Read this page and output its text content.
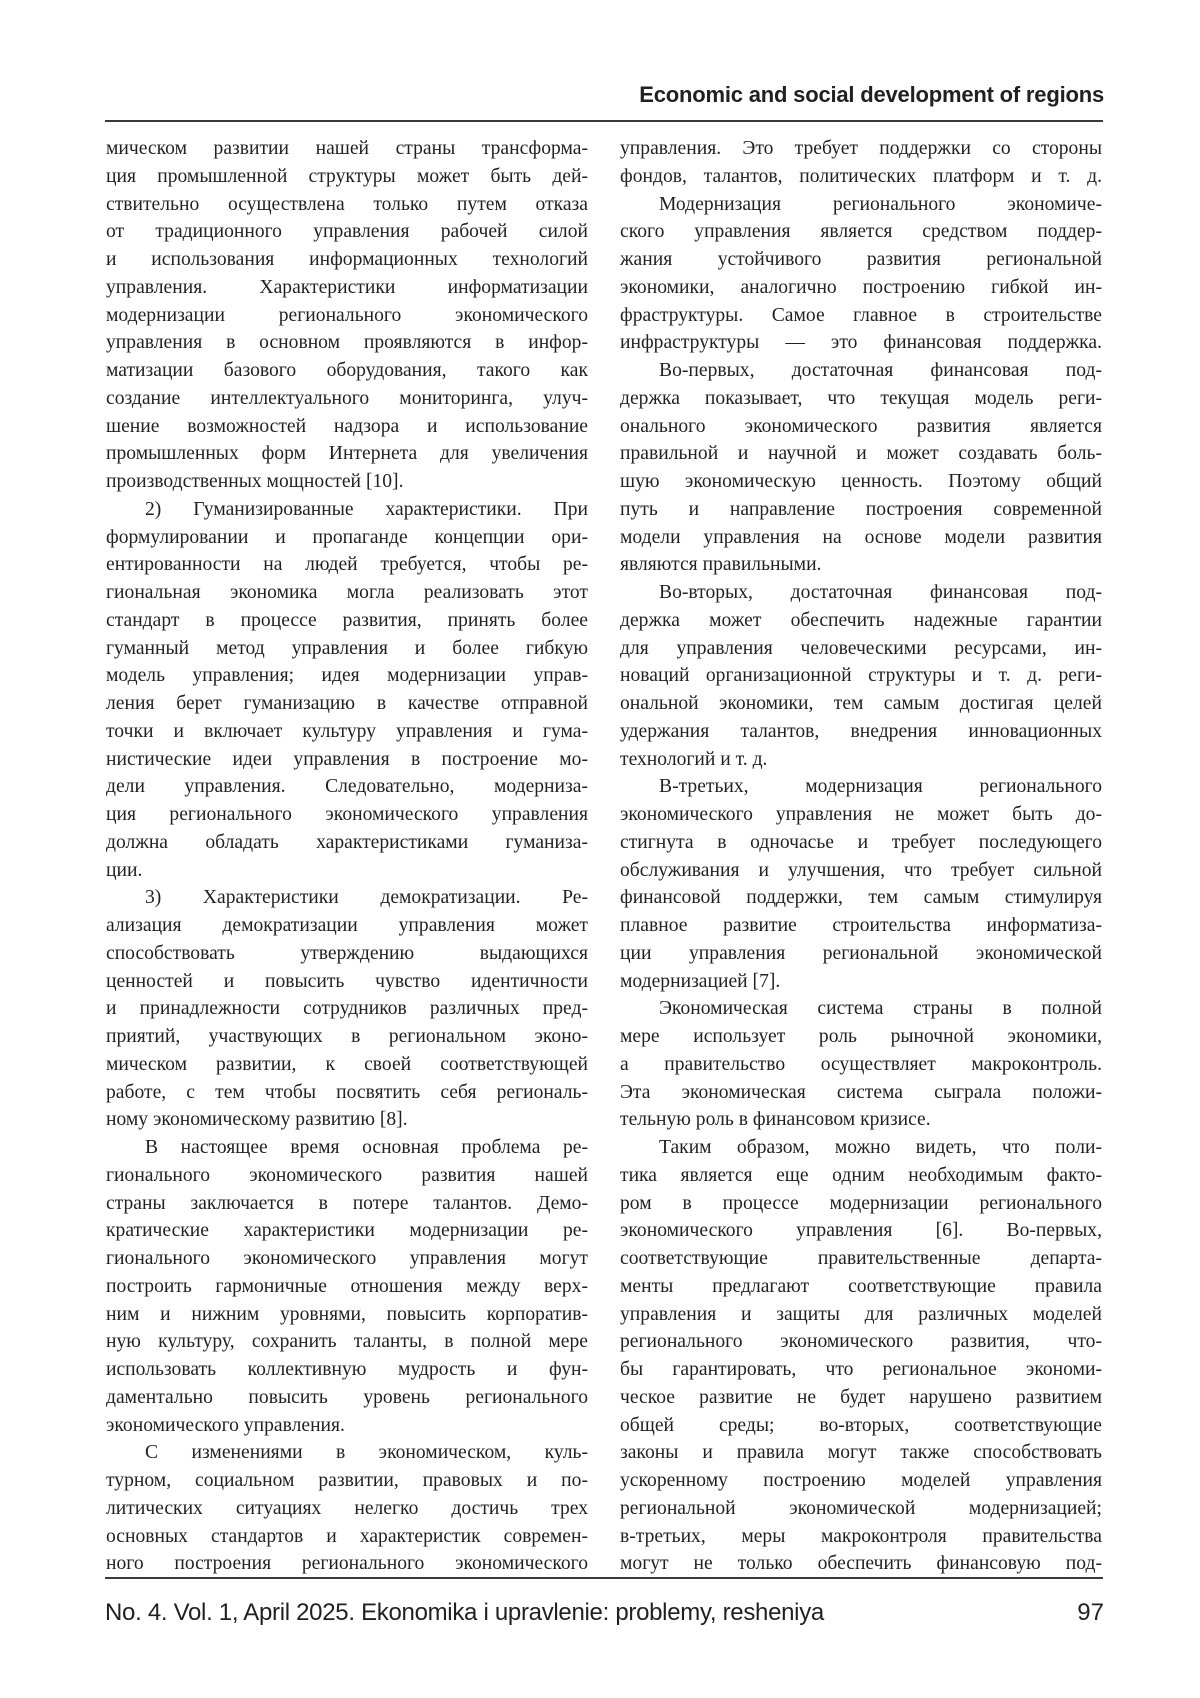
Economic and social development of regions
мическом развитии нашей страны трансформа-
ция промышленной структуры может быть дей-
ствительно осуществлена только путем отказа
от традиционного управления рабочей силой
и использования информационных технологий
управления. Характеристики информатизации
модернизации регионального экономического
управления в основном проявляются в инфор-
матизации базового оборудования, такого как
создание интеллектуального мониторинга, улуч-
шение возможностей надзора и использование
промышленных форм Интернета для увеличения
производственных мощностей [10].
2) Гуманизированные характеристики. При
формулировании и пропаганде концепции ори-
ентированности на людей требуется, чтобы ре-
гиональная экономика могла реализовать этот
стандарт в процессе развития, принять более
гуманный метод управления и более гибкую
модель управления; идея модернизации управ-
ления берет гуманизацию в качестве отправной
точки и включает культуру управления и гума-
нистические идеи управления в построение мо-
дели управления. Следовательно, модерниза-
ция регионального экономического управления
должна обладать характеристиками гуманиза-
ции.
3) Характеристики демократизации. Ре-
ализация демократизации управления может
способствовать утверждению выдающихся
ценностей и повысить чувство идентичности
и принадлежности сотрудников различных пред-
приятий, участвующих в региональном эконо-
мическом развитии, к своей соответствующей
работе, с тем чтобы посвятить себя региональ-
ному экономическому развитию [8].
В настоящее время основная проблема ре-
гионального экономического развития нашей
страны заключается в потере талантов. Демо-
кратические характеристики модернизации ре-
гионального экономического управления могут
построить гармоничные отношения между верх-
ним и нижним уровнями, повысить корпоратив-
ную культуру, сохранить таланты, в полной мере
использовать коллективную мудрость и фун-
даментально повысить уровень регионального
экономического управления.
С изменениями в экономическом, куль-
турном, социальном развитии, правовых и по-
литических ситуациях нелегко достичь трех
основных стандартов и характеристик современ-
ного построения регионального экономического
управления. Это требует поддержки со стороны
фондов, талантов, политических платформ и т. д.
Модернизация регионального экономиче-
ского управления является средством поддер-
жания устойчивого развития региональной
экономики, аналогично построению гибкой ин-
фраструктуры. Самое главное в строительстве
инфраструктуры — это финансовая поддержка.
Во-первых, достаточная финансовая под-
держка показывает, что текущая модель реги-
онального экономического развития является
правильной и научной и может создавать боль-
шую экономическую ценность. Поэтому общий
путь и направление построения современной
модели управления на основе модели развития
являются правильными.
Во-вторых, достаточная финансовая под-
держка может обеспечить надежные гарантии
для управления человеческими ресурсами, ин-
новаций организационной структуры и т. д. реги-
ональной экономики, тем самым достигая целей
удержания талантов, внедрения инновационных
технологий и т. д.
В-третьих, модернизация регионального
экономического управления не может быть до-
стигнута в одночасье и требует последующего
обслуживания и улучшения, что требует сильной
финансовой поддержки, тем самым стимулируя
плавное развитие строительства информатиза-
ции управления региональной экономической
модернизацией [7].
Экономическая система страны в полной
мере использует роль рыночной экономики,
а правительство осуществляет макроконтроль.
Эта экономическая система сыграла положи-
тельную роль в финансовом кризисе.
Таким образом, можно видеть, что поли-
тика является еще одним необходимым факто-
ром в процессе модернизации регионального
экономического управления [6]. Во-первых,
соответствующие правительственные департа-
менты предлагают соответствующие правила
управления и защиты для различных моделей
регионального экономического развития, что-
бы гарантировать, что региональное экономи-
ческое развитие не будет нарушено развитием
общей среды; во-вторых, соответствующие
законы и правила могут также способствовать
ускоренному построению моделей управления
региональной экономической модернизацией;
в-третьих, меры макроконтроля правительства
могут не только обеспечить финансовую под-
No. 4. Vol. 1, April 2025. Ekonomika i upravlenie: problemy, resheniya	97
